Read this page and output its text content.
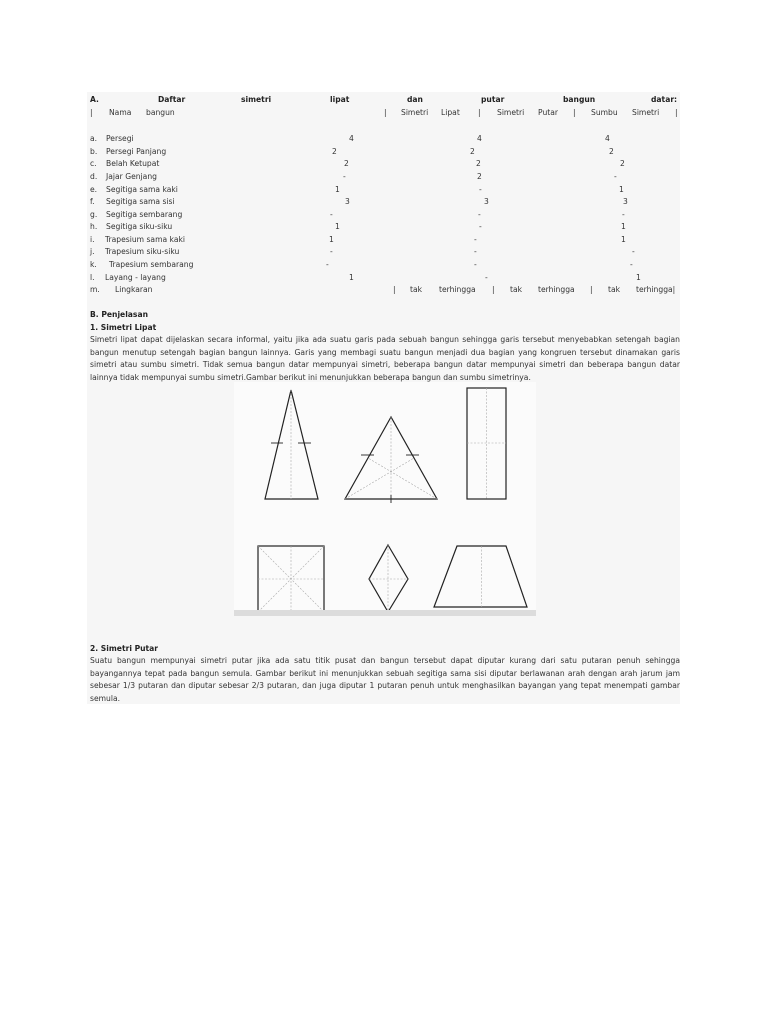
A.	Daftar	simetri	lipat	dan	putar	bangun	datar:
| Nama bangun	| Simetri Lipat | Simetri Putar | Sumbu Simetri |
a. Persegi	4	4	4
b. Persegi Panjang	2	2	2
c. Belah Ketupat	2	2	2
d. Jajar Genjang	-	2	-
e. Segitiga sama kaki	1	-	1
f. Segitiga sama sisi	3	3	3
g. Segitiga sembarang	-	-	-
h. Segitiga siku-siku	1	-	1
i. Trapesium sama kaki	1	-	1
j. Trapesium siku-siku	-	-	-
k. Trapesium sembarang	-	-	-
l. Layang - layang	1	-	1
m. Lingkaran	| tak terhingga | tak terhingga | tak terhingga|
B. Penjelasan
1. Simetri Lipat
Simetri lipat dapat dijelaskan secara informal, yaitu jika ada suatu garis pada sebuah bangun sehingga garis tersebut menyebabkan setengah bagian bangun menutup setengah bagian bangun lainnya. Garis yang membagi suatu bangun menjadi dua bagian yang kongruen tersebut dinamakan garis simetri atau sumbu simetri. Tidak semua bangun datar mempunyai simetri, beberapa bangun datar mempunyai simetri dan beberapa bangun datar lainnya tidak mempunyai sumbu simetri.Gambar berikut ini menunjukkan beberapa bangun dan sumbu simetrinya.
2. Simetri Putar
Suatu bangun mempunyai simetri putar jika ada satu titik pusat dan bangun tersebut dapat diputar kurang dari satu putaran penuh sehingga bayangannya tepat pada bangun semula. Gambar berikut ini menunjukkan sebuah segitiga sama sisi diputar berlawanan arah dengan arah jarum jam sebesar 1/3 putaran dan diputar sebesar 2/3 putaran, dan juga diputar 1 putaran penuh untuk menghasilkan bayangan yang tepat menempati gambar semula.
